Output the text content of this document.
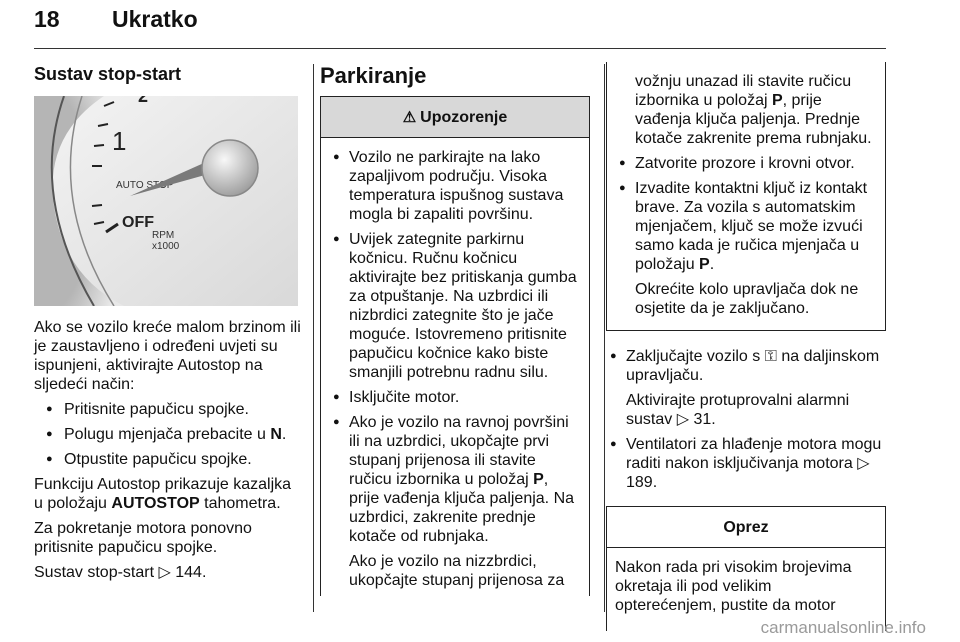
18 Ukratko
Sustav stop-start
2
1
AUTO STOP
OFF
RPM
x1000

Ako se vozilo kreće malom brzinom ili je zaustavljeno i određeni uvjeti su ispunjeni, aktivirajte Autostop na sljedeći način:

● Pritisnite papučicu spojke.
● Polugu mjenjača prebacite u N.
● Otpustite papučicu spojke.

Funkciju Autostop prikazuje kazaljka u položaju AUTOSTOP tahometra.

Za pokretanje motora ponovno pritisnite papučicu spojke.

Sustav stop-start ▷ 144.

Parkiranje
⚠ Upozorenje
● Vozilo ne parkirajte na lako zapaljivom području. Visoka temperatura ispušnog sustava mogla bi zapaliti površinu.
● Uvijek zategnite parkirnu kočnicu. Ručnu kočnicu aktivirajte bez pritiskanja gumba za otpuštanje. Na uzbrdici ili nizbrdici zategnite što je jače moguće. Istovremeno pritisnite papučicu kočnice kako biste smanjili potrebnu radnu silu.
● Isključite motor.
● Ako je vozilo na ravnoj površini ili na uzbrdici, ukopčajte prvi stupanj prijenosa ili stavite ručicu izbornika u položaj P, prije vađenja ključa paljenja. Na uzbrdici, zakrenite prednje kotače od rubnjaka.

Ako je vozilo na nizzbrdici, ukopčajte stupanj prijenosa za

vožnju unazad ili stavite ručicu izbornika u položaj P, prije vađenja ključa paljenja. Prednje kotače zakrenite prema rubnjaku.

● Zatvorite prozore i krovni otvor.
● Izvadite kontaktni ključ iz kontakt brave. Za vozila s automatskim mjenjačem, ključ se može izvući samo kada je ručica mjenjača u položaju P.

Okrećite kolo upravljača dok ne osjetite da je zaključano.

● Zaključajte vozilo s ⚿ na daljinskom upravljaču.
Aktivirajte protuprovalni alarmni sustav ▷ 31.
● Ventilatori za hlađenje motora mogu raditi nakon isključivanja motora ▷ 189.
Oprez
Nakon rada pri visokim brojevima okretaja ili pod velikim opterećenjem, pustite da motor
carmanualsonline.info
